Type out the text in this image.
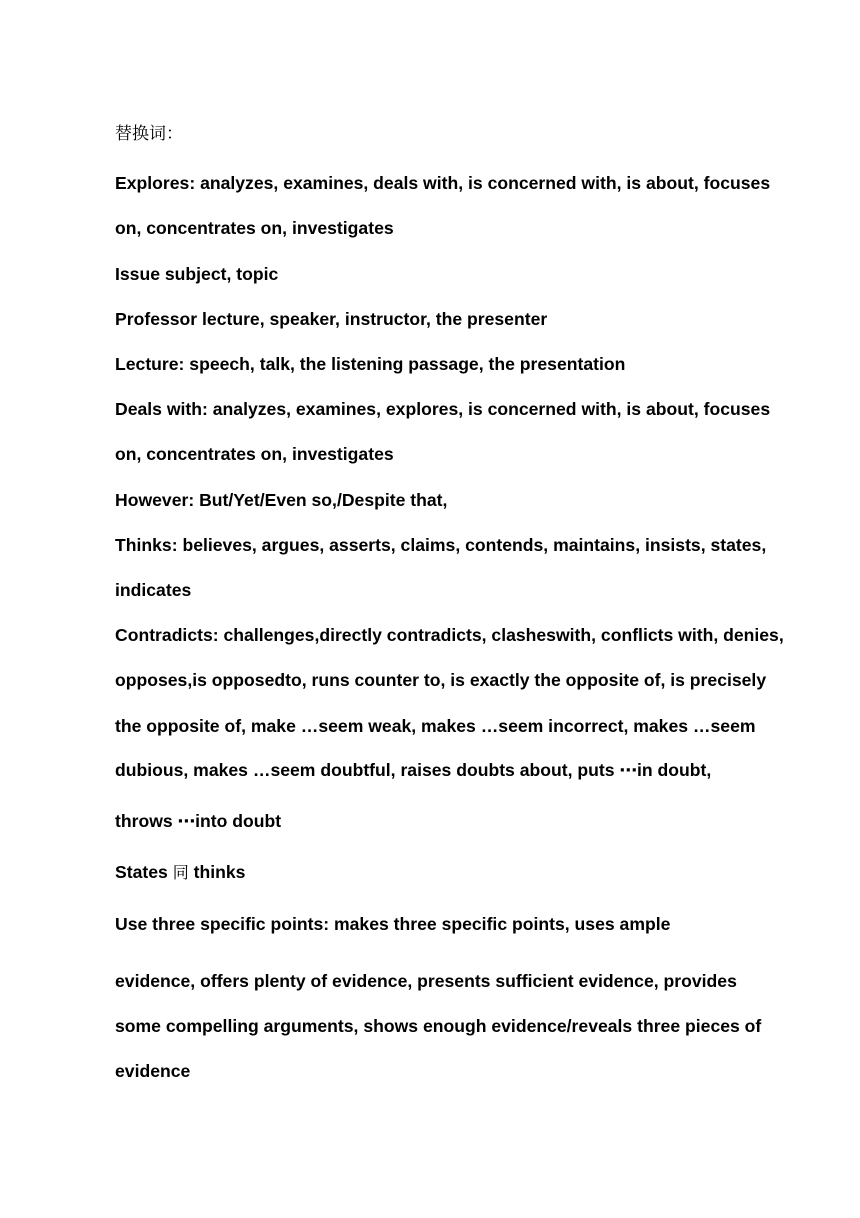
替换词：
Explores: analyzes, examines, deals with, is concerned with, is about, focuses
on, concentrates on, investigates
Issue subject, topic
Professor lecture, speaker, instructor, the presenter
Lecture: speech, talk, the listening passage, the presentation
Deals with: analyzes, examines, explores, is concerned with, is about, focuses
on, concentrates on, investigates
However: But/Yet/Even so,/Despite that,
Thinks: believes, argues, asserts, claims, contends, maintains, insists, states,
indicates
Contradicts: challenges,directly contradicts, clasheswith, conflicts with, denies,
opposes,is opposedto, runs counter to, is exactly the opposite of, is precisely
the opposite of, make …seem weak, makes …seem incorrect, makes …seem
dubious, makes …seem doubtful, raises doubts about, puts ⋯in doubt,
throws ⋯into doubt
States 同 thinks
Use three specific points: makes three specific points, uses ample
evidence, offers plenty of evidence, presents sufficient evidence, provides
some compelling arguments, shows enough evidence/reveals three pieces of
evidence
